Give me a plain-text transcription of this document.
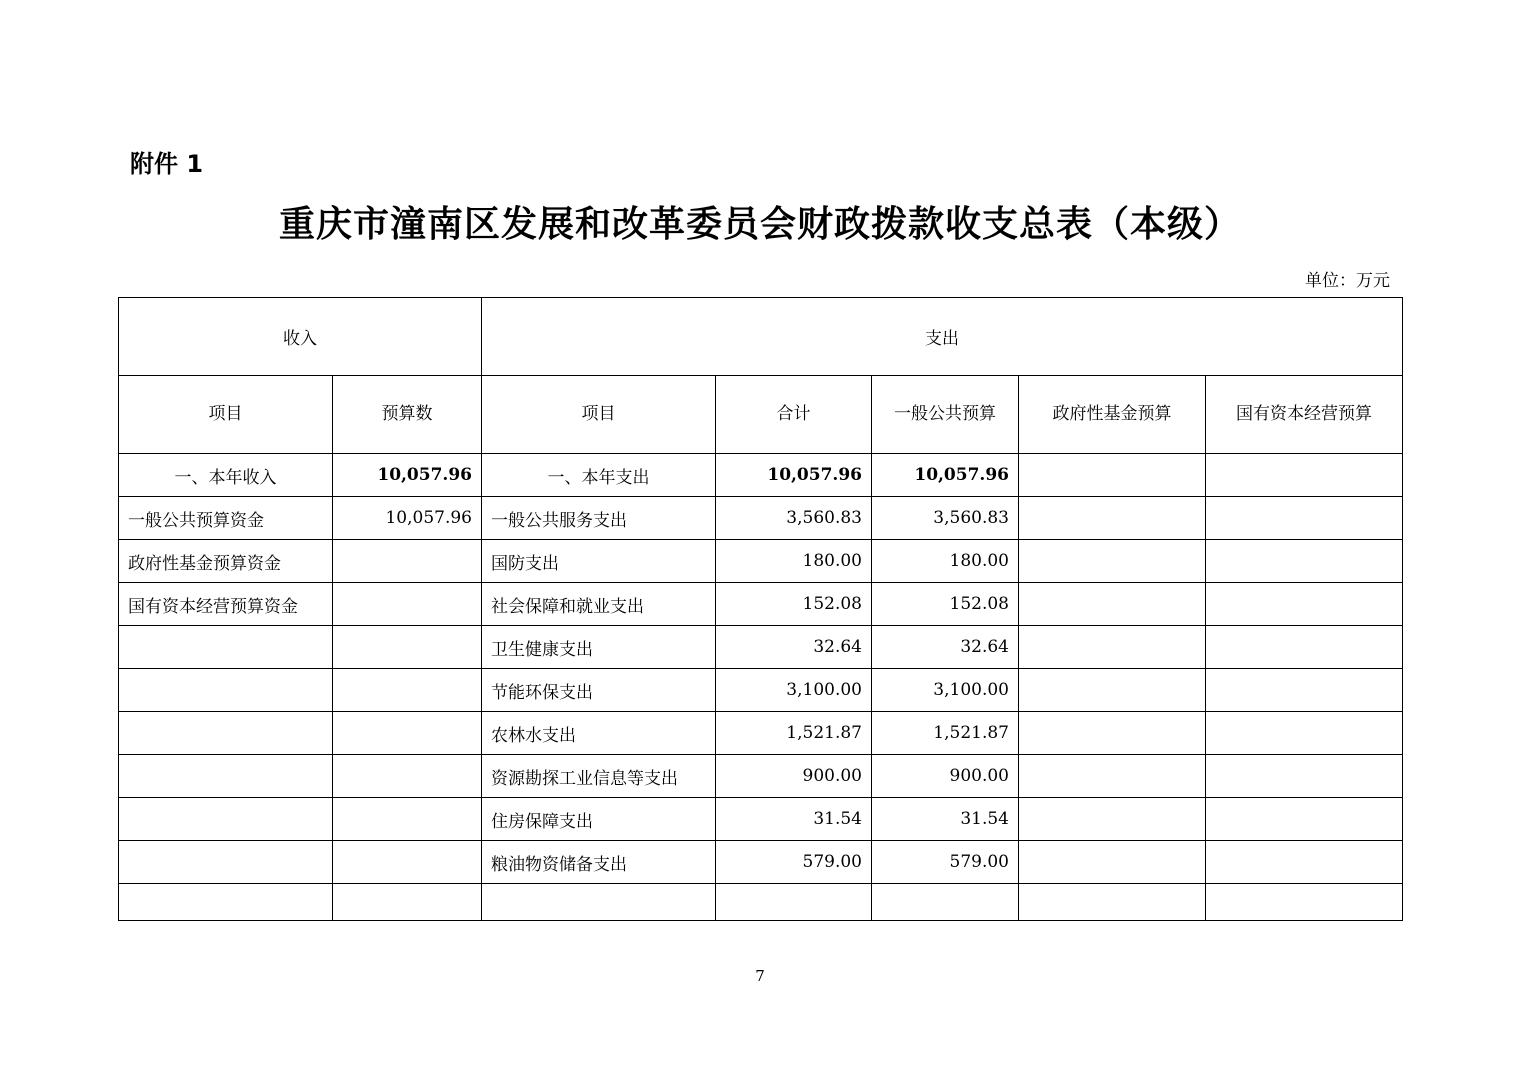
附件 1
重庆市潼南区发展和改革委员会财政拨款收支总表（本级）
单位：万元
收入		支出				
项目	预算数	项目	合计	一般公共预算	政府性基金预算	国有资本经营预算
一、本年收入	10,057.96	一、本年支出	10,057.96	10,057.96		
一般公共预算资金	10,057.96	一般公共服务支出	3,560.83	3,560.83		
政府性基金预算资金		国防支出	180.00	180.00		
国有资本经营预算资金		社会保障和就业支出	152.08	152.08		
		卫生健康支出	32.64	32.64		
		节能环保支出	3,100.00	3,100.00		
		农林水支出	1,521.87	1,521.87		
		资源勘探工业信息等支出	900.00	900.00		
		住房保障支出	31.54	31.54		
		粮油物资储备支出	579.00	579.00		

7
